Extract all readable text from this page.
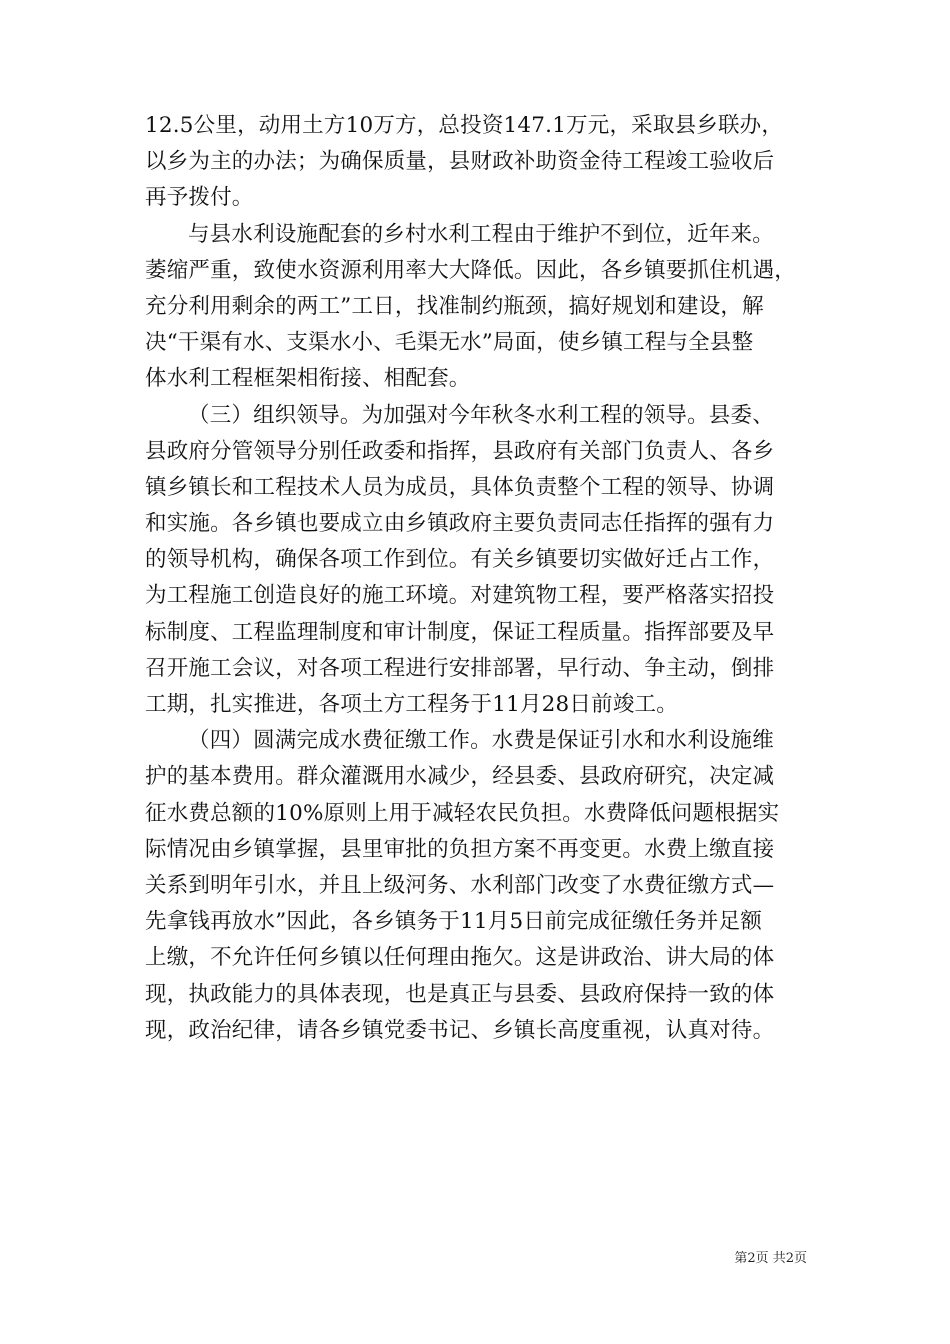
12.5公里，动用土方10万方，总投资147.1万元，采取县乡联办，
以乡为主的办法；为确保质量，县财政补助资金待工程竣工验收后
再予拨付。
与县水利设施配套的乡村水利工程由于维护不到位，近年来。
萎缩严重，致使水资源利用率大大降低。因此，各乡镇要抓住机遇，
充分利用剩余的两工”工日，找准制约瓶颈，搞好规划和建设，解
决“干渠有水、支渠水小、毛渠无水”局面，使乡镇工程与全县整
体水利工程框架相衔接、相配套。
（三）组织领导。为加强对今年秋冬水利工程的领导。县委、
县政府分管领导分别任政委和指挥，县政府有关部门负责人、各乡
镇乡镇长和工程技术人员为成员，具体负责整个工程的领导、协调
和实施。各乡镇也要成立由乡镇政府主要负责同志任指挥的强有力
的领导机构，确保各项工作到位。有关乡镇要切实做好迁占工作，
为工程施工创造良好的施工环境。对建筑物工程，要严格落实招投
标制度、工程监理制度和审计制度，保证工程质量。指挥部要及早
召开施工会议，对各项工程进行安排部署，早行动、争主动，倒排
工期，扎实推进，各项土方工程务于11月28日前竣工。
（四）圆满完成水费征缴工作。水费是保证引水和水利设施维
护的基本费用。群众灌溉用水减少，经县委、县政府研究，决定减
征水费总额的10%原则上用于减轻农民负担。水费降低问题根据实
际情况由乡镇掌握，县里审批的负担方案不再变更。水费上缴直接
关系到明年引水，并且上级河务、水利部门改变了水费征缴方式—
先拿钱再放水”因此，各乡镇务于11月5日前完成征缴任务并足额
上缴，不允许任何乡镇以任何理由拖欠。这是讲政治、讲大局的体
现，执政能力的具体表现，也是真正与县委、县政府保持一致的体
现，政治纪律，请各乡镇党委书记、乡镇长高度重视，认真对待。
第2页 共2页
